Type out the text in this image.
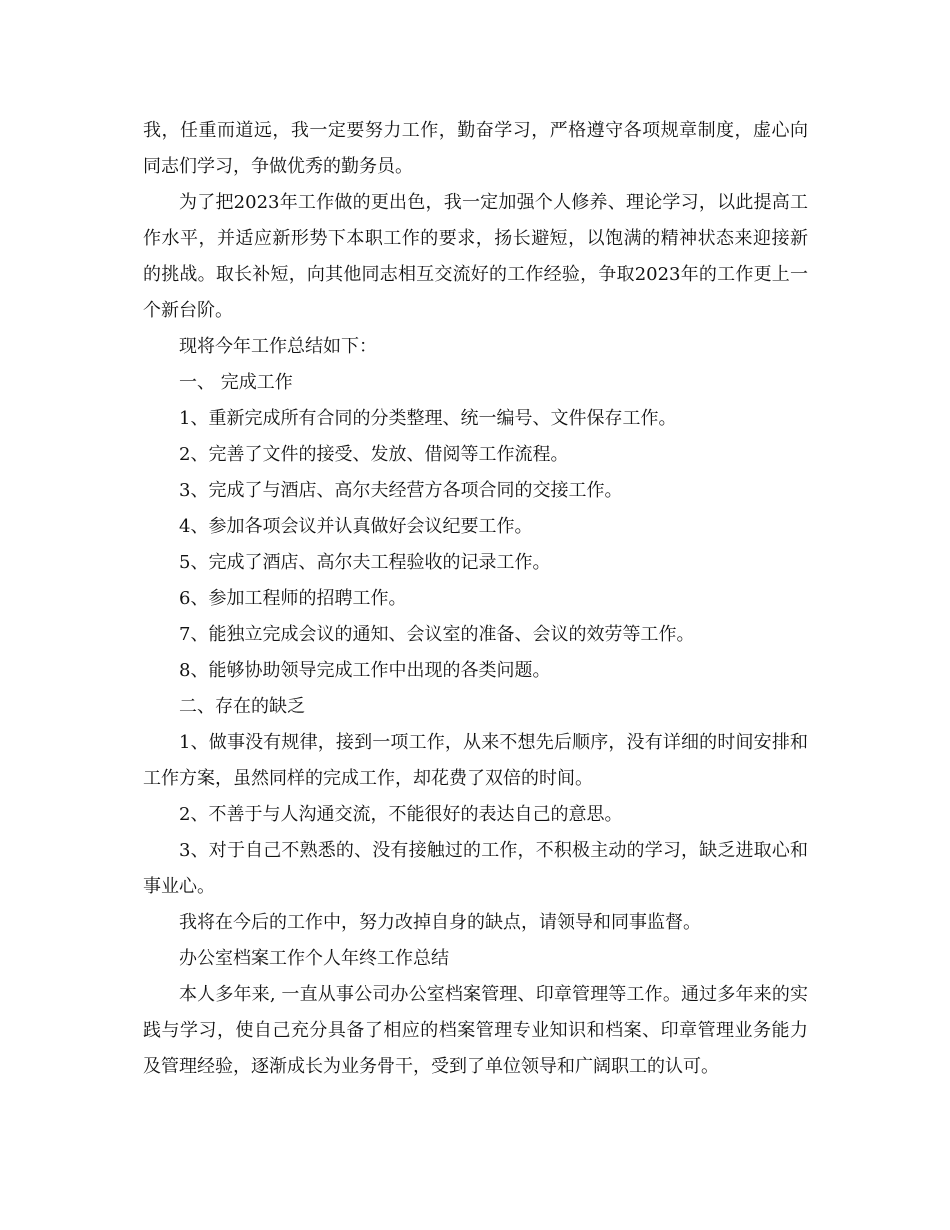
我，任重而道远，我一定要努力工作，勤奋学习，严格遵守各项规章制度，虚心向同志们学习，争做优秀的勤务员。

为了把2023年工作做的更出色，我一定加强个人修养、理论学习，以此提高工作水平，并适应新形势下本职工作的要求，扬长避短，以饱满的精神状态来迎接新的挑战。取长补短，向其他同志相互交流好的工作经验，争取2023年的工作更上一个新台阶。

现将今年工作总结如下：

一、 完成工作

1、重新完成所有合同的分类整理、统一编号、文件保存工作。

2、完善了文件的接受、发放、借阅等工作流程。

3、完成了与酒店、高尔夫经营方各项合同的交接工作。

4、参加各项会议并认真做好会议纪要工作。

5、完成了酒店、高尔夫工程验收的记录工作。

6、参加工程师的招聘工作。

7、能独立完成会议的通知、会议室的准备、会议的效劳等工作。

8、能够协助领导完成工作中出现的各类问题。

二、存在的缺乏

1、做事没有规律，接到一项工作，从来不想先后顺序，没有详细的时间安排和工作方案，虽然同样的完成工作，却花费了双倍的时间。

2、不善于与人沟通交流，不能很好的表达自己的意思。

3、对于自己不熟悉的、没有接触过的工作，不积极主动的学习，缺乏进取心和事业心。

我将在今后的工作中，努力改掉自身的缺点，请领导和同事监督。

办公室档案工作个人年终工作总结

本人多年来, 一直从事公司办公室档案管理、印章管理等工作。通过多年来的实践与学习，使自己充分具备了相应的档案管理专业知识和档案、印章管理业务能力及管理经验，逐渐成长为业务骨干，受到了单位领导和广阔职工的认可。
